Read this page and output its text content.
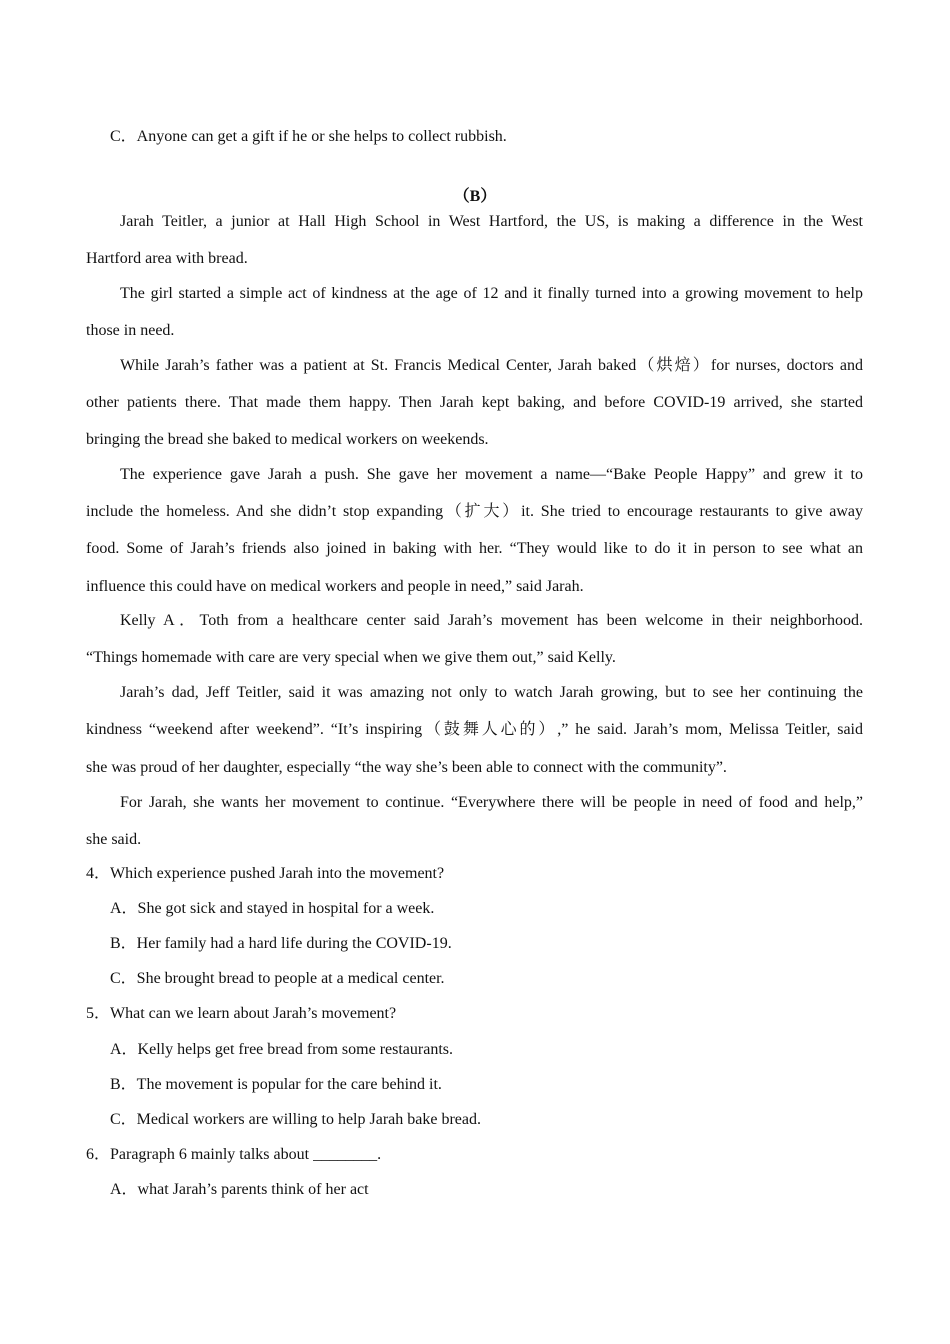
C．Anyone can get a gift if he or she helps to collect rubbish.
（B）
Jarah Teitler, a junior at Hall High School in West Hartford, the US, is making a difference in the West
Hartford area with bread.
The girl started a simple act of kindness at the age of 12 and it finally turned into a growing movement to help
those in need.
While Jarah’s father was a patient at St. Francis Medical Center, Jarah baked（烘焙）for nurses, doctors and
other patients there. That made them happy. Then Jarah kept baking, and before COVID-19 arrived, she started
bringing the bread she baked to medical workers on weekends.
The experience gave Jarah a push. She gave her movement a name—“Bake People Happy” and grew it to
include the homeless. And she didn’t stop expanding（扩大）it. She tried to encourage restaurants to give away
food. Some of Jarah’s friends also joined in baking with her. “They would like to do it in person to see what an
influence this could have on medical workers and people in need,” said Jarah.
Kelly A．Toth from a healthcare center said Jarah’s movement has been welcome in their neighborhood.
“Things homemade with care are very special when we give them out,” said Kelly.
Jarah’s dad, Jeff Teitler, said it was amazing not only to watch Jarah growing, but to see her continuing the
kindness “weekend after weekend”. “It’s inspiring（鼓舞人心的）,” he said. Jarah’s mom, Melissa Teitler, said
she was proud of her daughter, especially “the way she’s been able to connect with the community”.
For Jarah, she wants her movement to continue. “Everywhere there will be people in need of food and help,”
she said.
4．Which experience pushed Jarah into the movement?
A．She got sick and stayed in hospital for a week.
B．Her family had a hard life during the COVID-19.
C．She brought bread to people at a medical center.
5．What can we learn about Jarah’s movement?
A．Kelly helps get free bread from some restaurants.
B．The movement is popular for the care behind it.
C．Medical workers are willing to help Jarah bake bread.
6．Paragraph 6 mainly talks about ________.
A．what Jarah’s parents think of her act
